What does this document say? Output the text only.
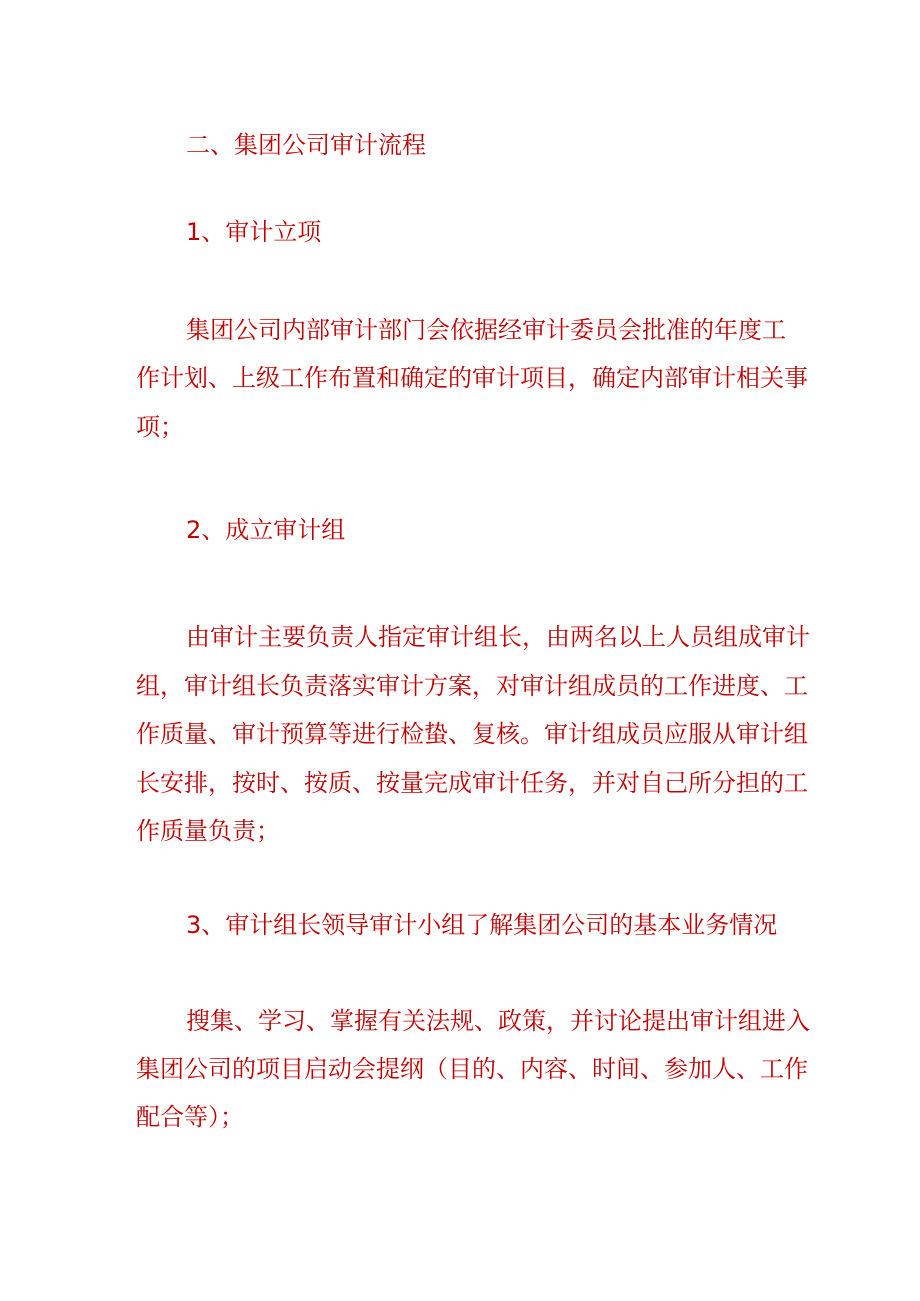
二、集团公司审计流程

1、审计立项

集团公司内部审计部门会依据经审计委员会批准的年度工

作计划、上级工作布置和确定的审计项目，确定内部审计相关事

项；

2、成立审计组

由审计主要负责人指定审计组长，由两名以上人员组成审计

组，审计组长负责落实审计方案，对审计组成员的工作进度、工

作质量、审计预算等进行检蛰、复核。审计组成员应服从审计组

长安排，按时、按质、按量完成审计任务，并对自己所分担的工

作质量负责；

3、审计组长领导审计小组了解集团公司的基本业务情况

搜集、学习、掌握有关法规、政策，并讨论提出审计组进入

集团公司的项目启动会提纲（目的、内容、时间、参加人、工作

配合等）；
